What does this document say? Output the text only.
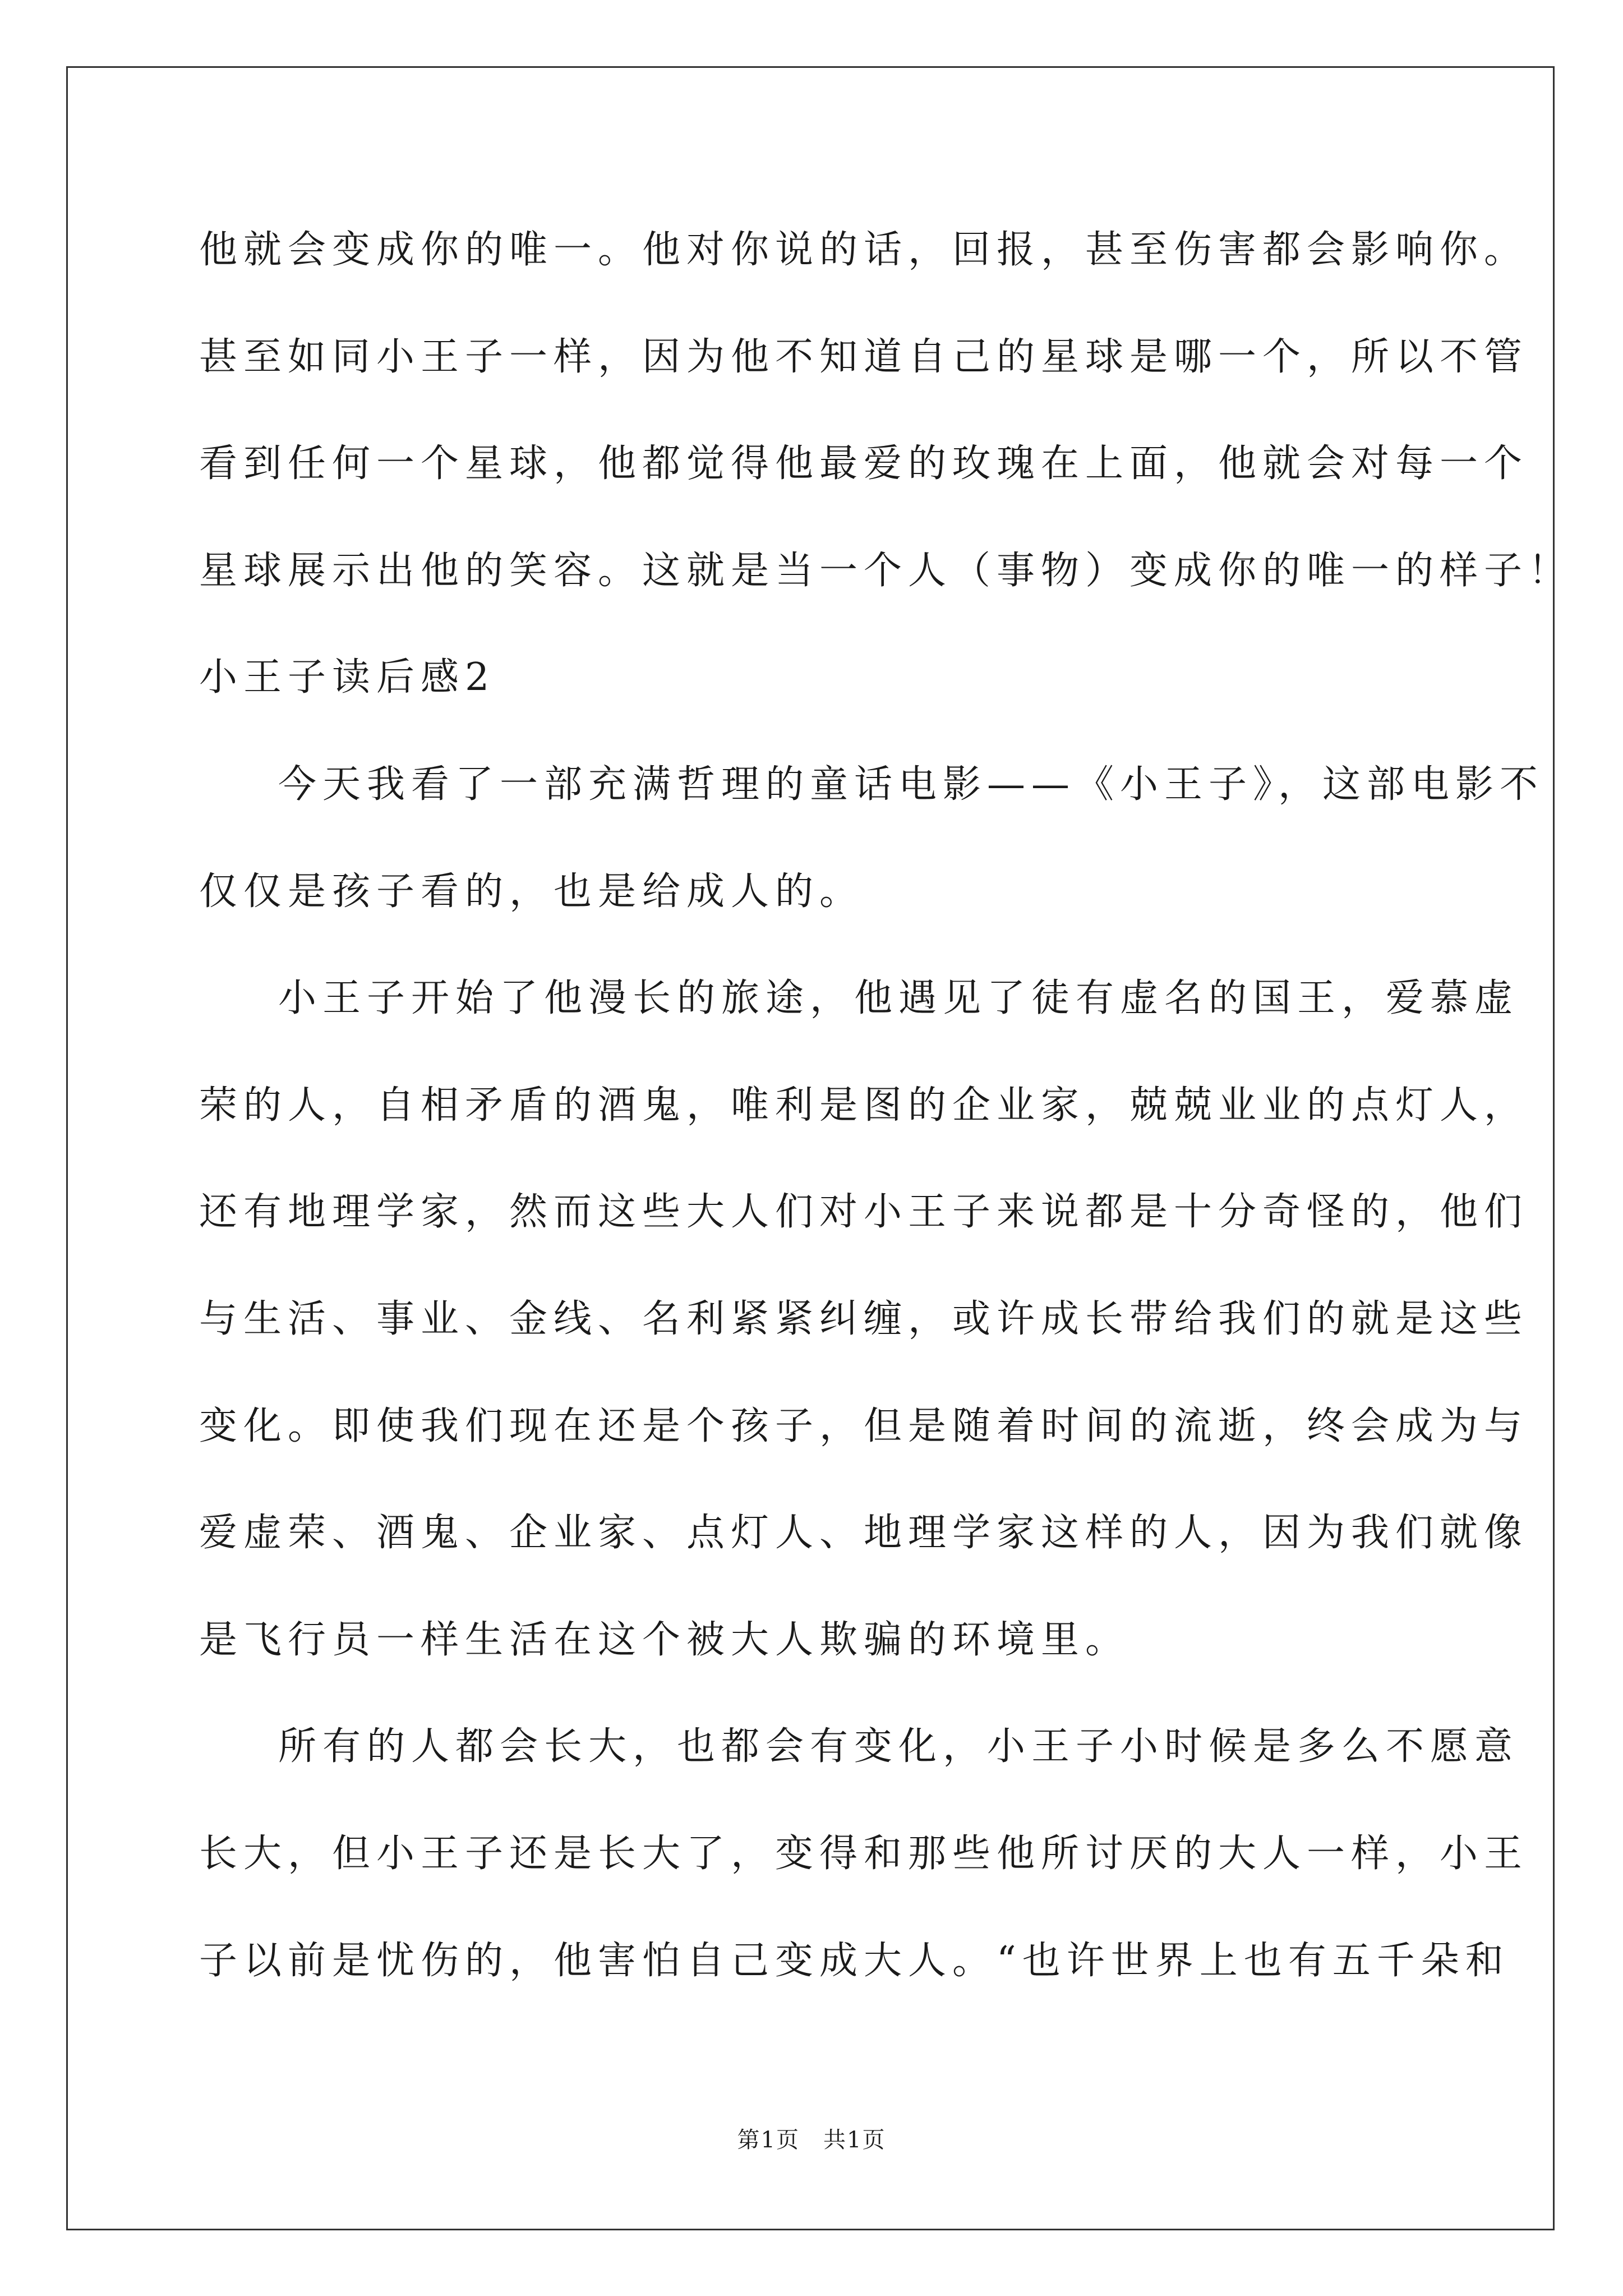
他就会变成你的唯一。他对你说的话，回报，甚至伤害都会影响你。
甚至如同小王子一样，因为他不知道自己的星球是哪一个，所以不管
看到任何一个星球，他都觉得他最爱的玫瑰在上面，他就会对每一个
星球展示出他的笑容。这就是当一个人（事物）变成你的唯一的样子！
小王子读后感2
今天我看了一部充满哲理的童话电影——《小王子》，这部电影不
仅仅是孩子看的，也是给成人的。
小王子开始了他漫长的旅途，他遇见了徒有虚名的国王，爱慕虚
荣的人，自相矛盾的酒鬼，唯利是图的企业家，兢兢业业的点灯人，
还有地理学家，然而这些大人们对小王子来说都是十分奇怪的，他们
与生活、事业、金线、名利紧紧纠缠，或许成长带给我们的就是这些
变化。即使我们现在还是个孩子，但是随着时间的流逝，终会成为与
爱虚荣、酒鬼、企业家、点灯人、地理学家这样的人，因为我们就像
是飞行员一样生活在这个被大人欺骗的环境里。
所有的人都会长大，也都会有变化，小王子小时候是多么不愿意
长大，但小王子还是长大了，变得和那些他所讨厌的大人一样，小王
子以前是忧伤的，他害怕自己变成大人。“也许世界上也有五千朵和
第1页　共1页
